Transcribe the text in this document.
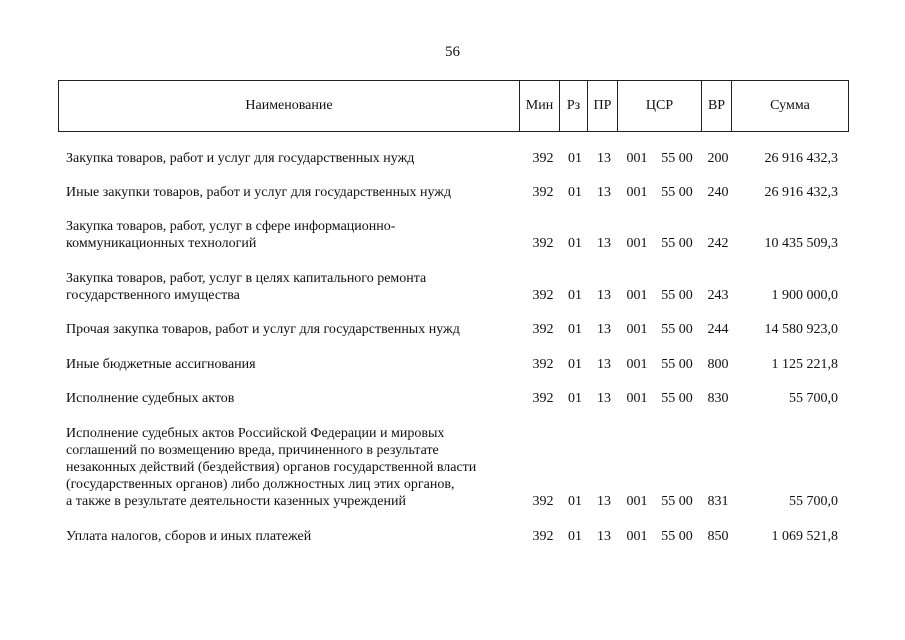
56
Наименование	Мин Рз ПР	ЦСР	ВР	Сумма
Закупка товаров, работ и услуг для государственных нужд	392	01 13 001 55 00	200	26 916 432,3
Иные закупки товаров, работ и услуг для государственных нужд	392	01 13 001 55 00	240	26 916 432,3
Закупка товаров, работ, услуг в сфере информационно-
коммуникационных технологий	392	01 13 001 55 00	242	10 435 509,3
Закупка товаров, работ, услуг в целях капитального ремонта
государственного имущества	392	01 13 001 55 00	243	1 900 000,0
Прочая закупка товаров, работ и услуг для государственных нужд	392	01 13 001 55 00	244	14 580 923,0
Иные бюджетные ассигнования	392	01 13 001 55 00	800	1 125 221,8
Исполнение судебных актов	392	01 13 001 55 00	830	55 700,0
Исполнение судебных актов Российской Федерации и мировых
соглашений по возмещению вреда, причиненного в результате
незаконных действий (бездействия) органов государственной власти
(государственных органов) либо должностных лиц этих органов,
а также в результате деятельности казенных учреждений	392	01 13 001 55 00	831	55 700,0
Уплата налогов, сборов и иных платежей	392	01 13 001 55 00	850	1 069 521,8
